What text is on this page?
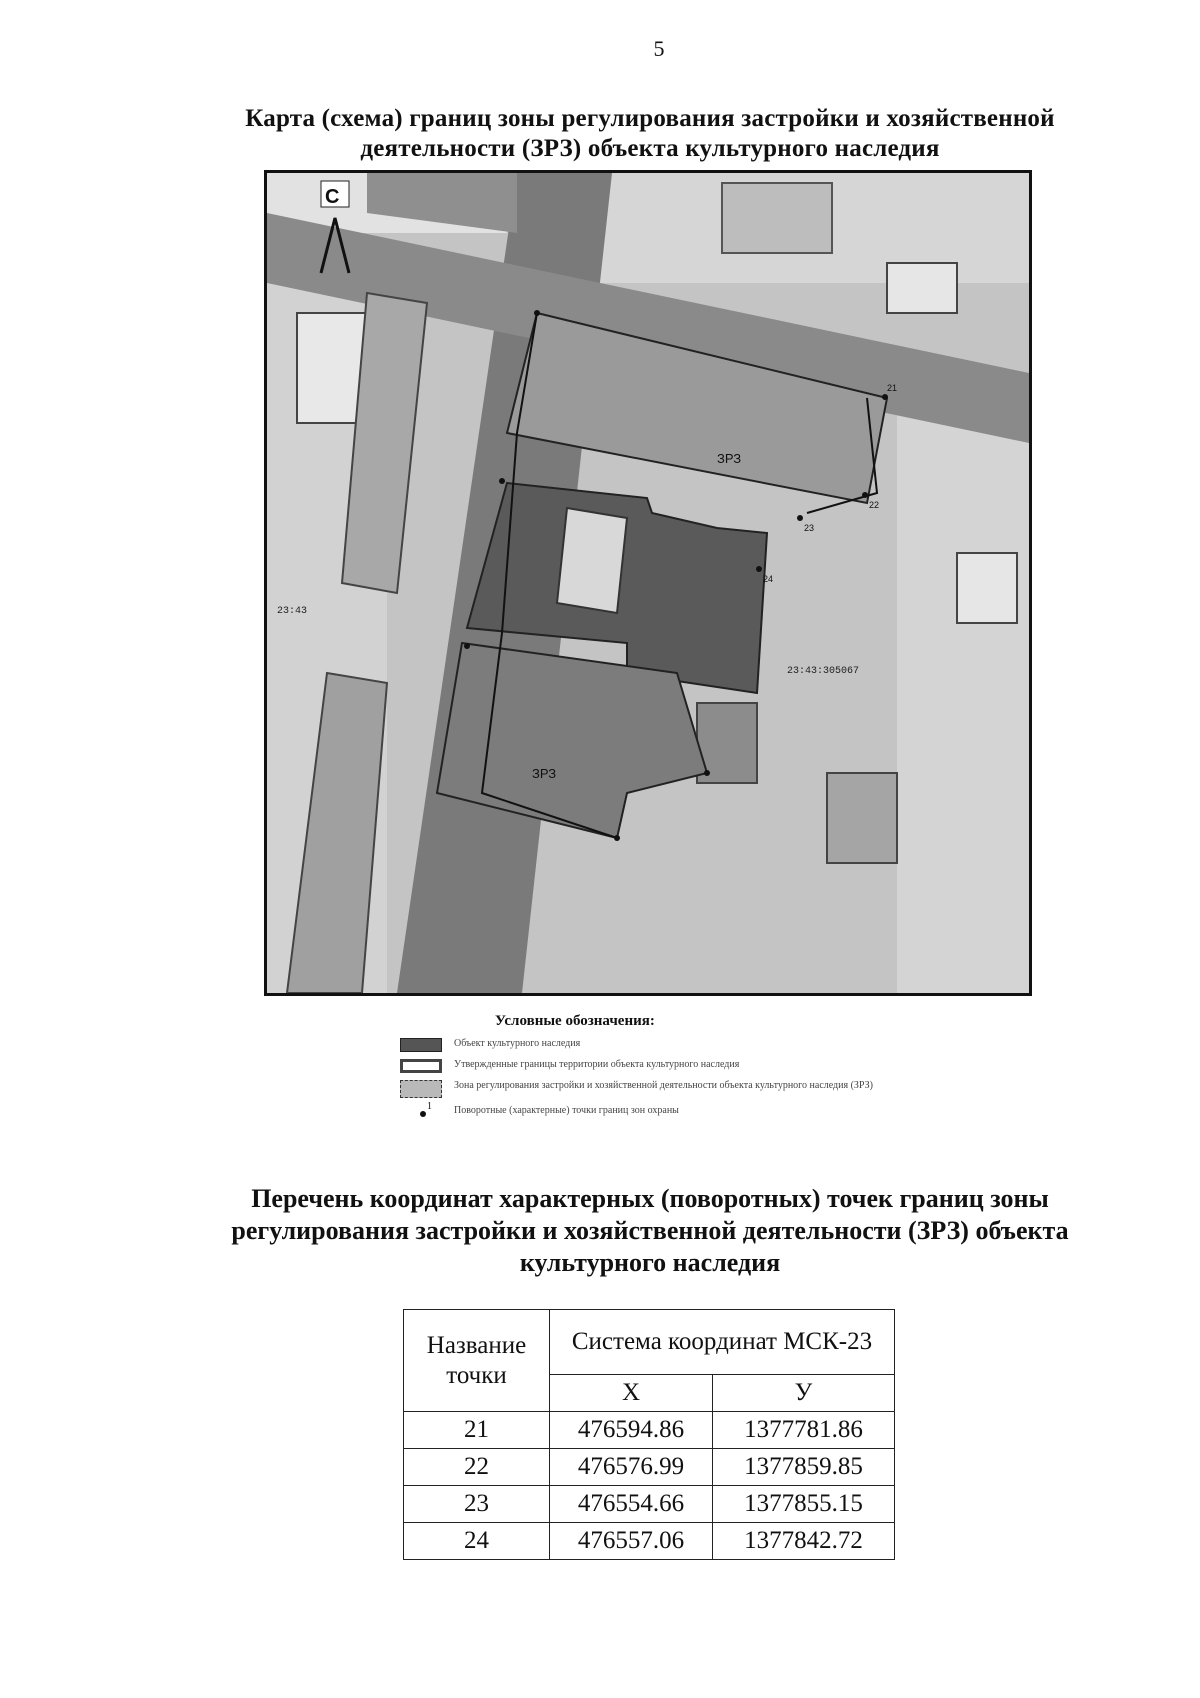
5
Карта (схема) границ зоны регулирования застройки и хозяйственной
деятельности (ЗРЗ) объекта культурного наследия
21
22
23
24
ЗРЗ
ЗРЗ
23:43
23:43:305067
С
Условные обозначения:
Объект культурного наследия
Утвержденные границы территории объекта культурного наследия
Зона регулирования застройки и хозяйственной деятельности объекта культурного наследия (ЗРЗ)
1 Поворотные (характерные) точки границ зон охраны
Перечень координат характерных (поворотных) точек границ зоны
регулирования застройки и хозяйственной деятельности (ЗРЗ) объекта
культурного наследия
Название точки	Система координат МСК-23	
	Х	У
21	476594.86	1377781.86
22	476576.99	1377859.85
23	476554.66	1377855.15
24	476557.06	1377842.72
